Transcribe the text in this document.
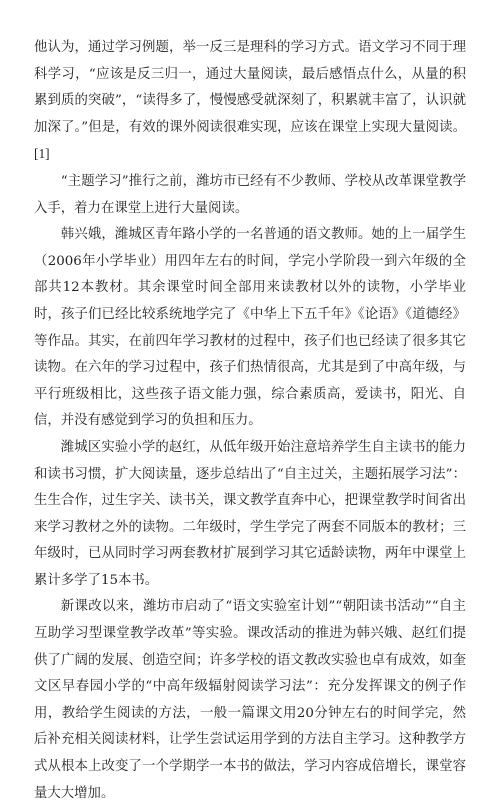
他认为，通过学习例题，举一反三是理科的学习方式。语文学习不同于理科学习，“应该是反三归一，通过大量阅读，最后感悟点什么，从量的积累到质的突破”，“读得多了，慢慢感受就深刻了，积累就丰富了，认识就加深了。”但是，有效的课外阅读很难实现，应该在课堂上实现大量阅读。[1]

“主题学习”推行之前，潍坊市已经有不少教师、学校从改革课堂教学入手，着力在课堂上进行大量阅读。

韩兴娥，潍城区青年路小学的一名普通的语文教师。她的上一届学生（2006年小学毕业）用四年左右的时间，学完小学阶段一到六年级的全部共12本教材。其余课堂时间全部用来读教材以外的读物，小学毕业时，孩子们已经比较系统地学完了《中华上下五千年》《论语》《道德经》等作品。其实，在前四年学习教材的过程中，孩子们也已经读了很多其它读物。在六年的学习过程中，孩子们热情很高，尤其是到了中高年级，与平行班级相比，这些孩子语文能力强，综合素质高，爱读书，阳光、自信，并没有感觉到学习的负担和压力。

潍城区实验小学的赵红，从低年级开始注意培养学生自主读书的能力和读书习惯，扩大阅读量，逐步总结出了“自主过关，主题拓展学习法”：生生合作，过生字关、读书关，课文教学直奔中心，把课堂教学时间省出来学习教材之外的读物。二年级时，学生学完了两套不同版本的教材；三年级时，已从同时学习两套教材扩展到学习其它适龄读物，两年中课堂上累计多学了15本书。

新课改以来，潍坊市启动了“语文实验室计划”“朝阳读书活动”“自主互助学习型课堂教学改革”等实验。课改活动的推进为韩兴娥、赵红们提供了广阔的发展、创造空间；许多学校的语文教改实验也卓有成效，如奎文区早春园小学的“中高年级辐射阅读学习法”：充分发挥课文的例子作用，教给学生阅读的方法，一般一篇课文用20分钟左右的时间学完，然后补充相关阅读材料，让学生尝试运用学到的方法自主学习。这种教学方式从根本上改变了一个学期学一本书的做法，学习内容成倍增长，课堂容量大大增加。
